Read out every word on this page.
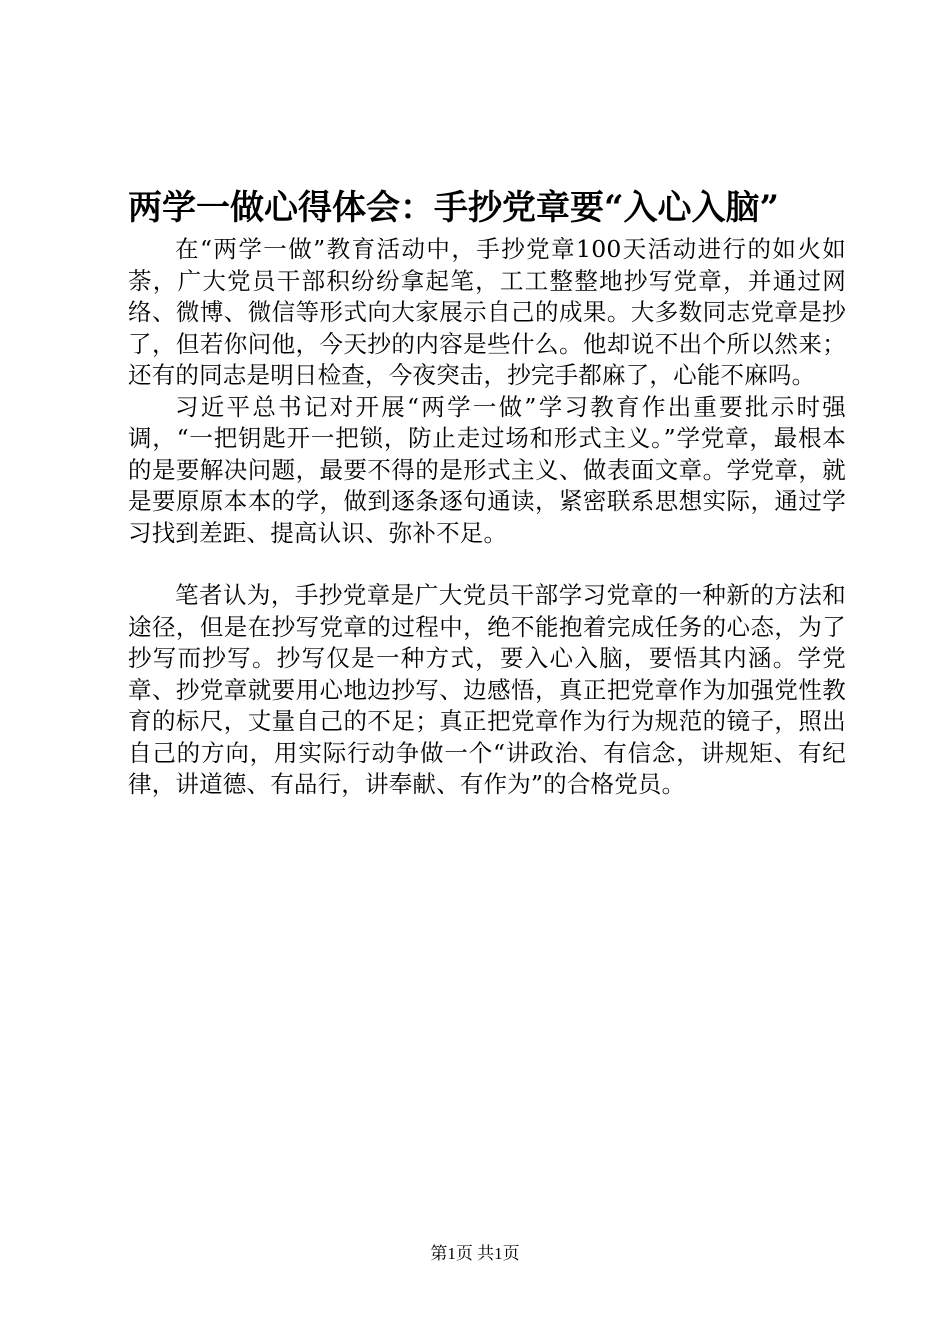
两学一做心得体会：手抄党章要“入心入脑”

在“两学一做”教育活动中，手抄党章100天活动进行的如火如荼，广大党员干部积纷纷拿起笔，工工整整地抄写党章，并通过网络、微博、微信等形式向大家展示自己的成果。大多数同志党章是抄了，但若你问他，今天抄的内容是些什么。他却说不出个所以然来；还有的同志是明日检查，今夜突击，抄完手都麻了，心能不麻吗。

习近平总书记对开展“两学一做”学习教育作出重要批示时强调，“一把钥匙开一把锁，防止走过场和形式主义。”学党章，最根本的是要解决问题，最要不得的是形式主义、做表面文章。学党章，就是要原原本本的学，做到逐条逐句通读，紧密联系思想实际，通过学习找到差距、提高认识、弥补不足。

笔者认为，手抄党章是广大党员干部学习党章的一种新的方法和途径，但是在抄写党章的过程中，绝不能抱着完成任务的心态，为了抄写而抄写。抄写仅是一种方式，要入心入脑，要悟其内涵。学党章、抄党章就要用心地边抄写、边感悟，真正把党章作为加强党性教育的标尺，丈量自己的不足；真正把党章作为行为规范的镜子，照出自己的方向，用实际行动争做一个“讲政治、有信念，讲规矩、有纪律，讲道德、有品行，讲奉献、有作为”的合格党员。

第1页 共1页
